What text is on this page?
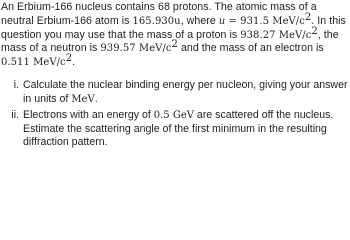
An Erbium-166 nucleus contains 68 protons. The atomic mass of a neutral Erbium-166 atom is 165.930u, where u = 931.5 MeV/$c^2$. In this question you may use that the mass of a proton is 938.27 MeV/$c^2$, the mass of a neutron is 939.57 MeV/$c^2$ and the mass of an electron is 0.511 MeV/$c^2$.

i. Calculate the nuclear binding energy per nucleon, giving your answer in units of MeV.
ii. Electrons with an energy of 0.5 GeV are scattered off the nucleus. Estimate the scattering angle of the first minimum in the resulting diffraction pattern.
